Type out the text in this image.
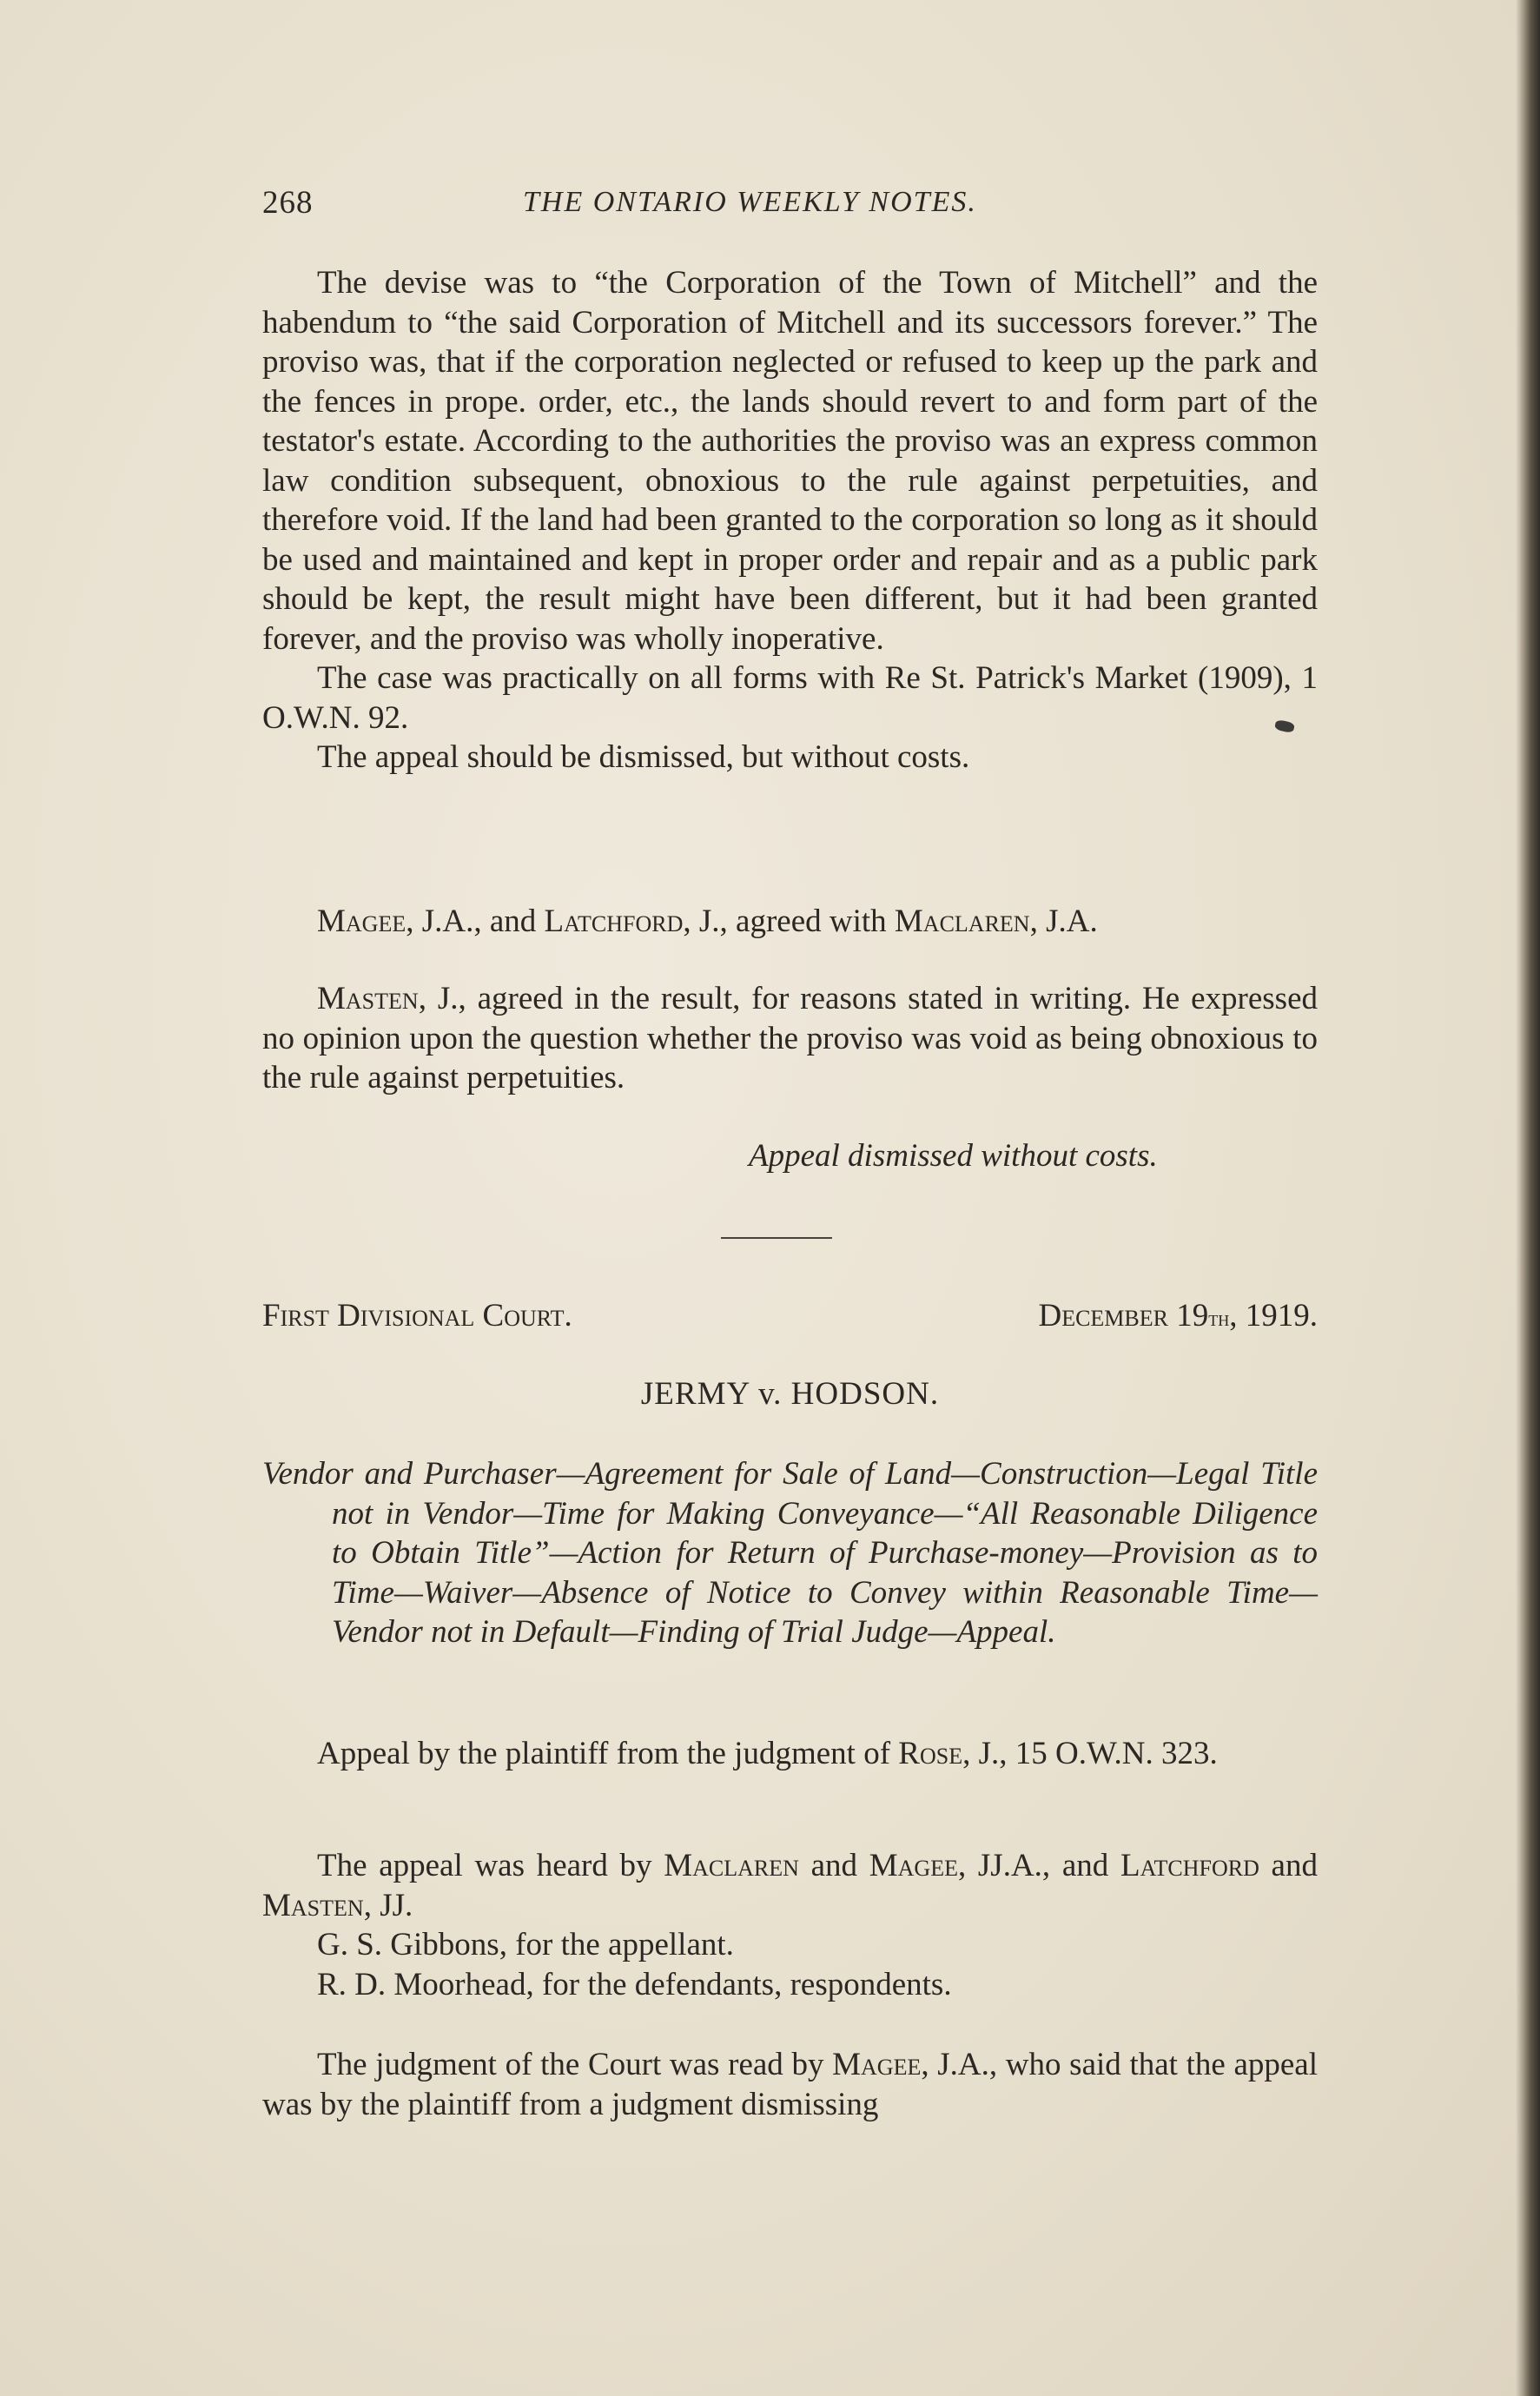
268	THE ONTARIO WEEKLY NOTES.

The devise was to “the Corporation of the Town of Mitchell” and the habendum to “the said Corporation of Mitchell and its successors forever.” The proviso was, that if the corporation neglected or refused to keep up the park and the fences in prope. order, etc., the lands should revert to and form part of the testator's estate. According to the authorities the proviso was an express common law condition subsequent, obnoxious to the rule against perpetuities, and therefore void. If the land had been granted to the corporation so long as it should be used and maintained and kept in proper order and repair and as a public park should be kept, the result might have been different, but it had been granted forever, and the proviso was wholly inoperative.

The case was practically on all forms with Re St. Patrick's Market (1909), 1 O.W.N. 92.

The appeal should be dismissed, but without costs.

Magee, J.A., and Latchford, J., agreed with Maclaren, J.A.

Masten, J., agreed in the result, for reasons stated in writing. He expressed no opinion upon the question whether the proviso was void as being obnoxious to the rule against perpetuities.

Appeal dismissed without costs.
First Divisional Court.	December 19th, 1919.
JERMY v. HODSON.
Vendor and Purchaser—Agreement for Sale of Land—Construction—Legal Title not in Vendor—Time for Making Conveyance—“All Reasonable Diligence to Obtain Title”—Action for Return of Purchase-money—Provision as to Time—Waiver—Absence of Notice to Convey within Reasonable Time—Vendor not in Default—Finding of Trial Judge—Appeal.

Appeal by the plaintiff from the judgment of Rose, J., 15 O.W.N. 323.

The appeal was heard by Maclaren and Magee, JJ.A., and Latchford and Masten, JJ.

G. S. Gibbons, for the appellant.

R. D. Moorhead, for the defendants, respondents.

The judgment of the Court was read by Magee, J.A., who said that the appeal was by the plaintiff from a judgment dismissing
